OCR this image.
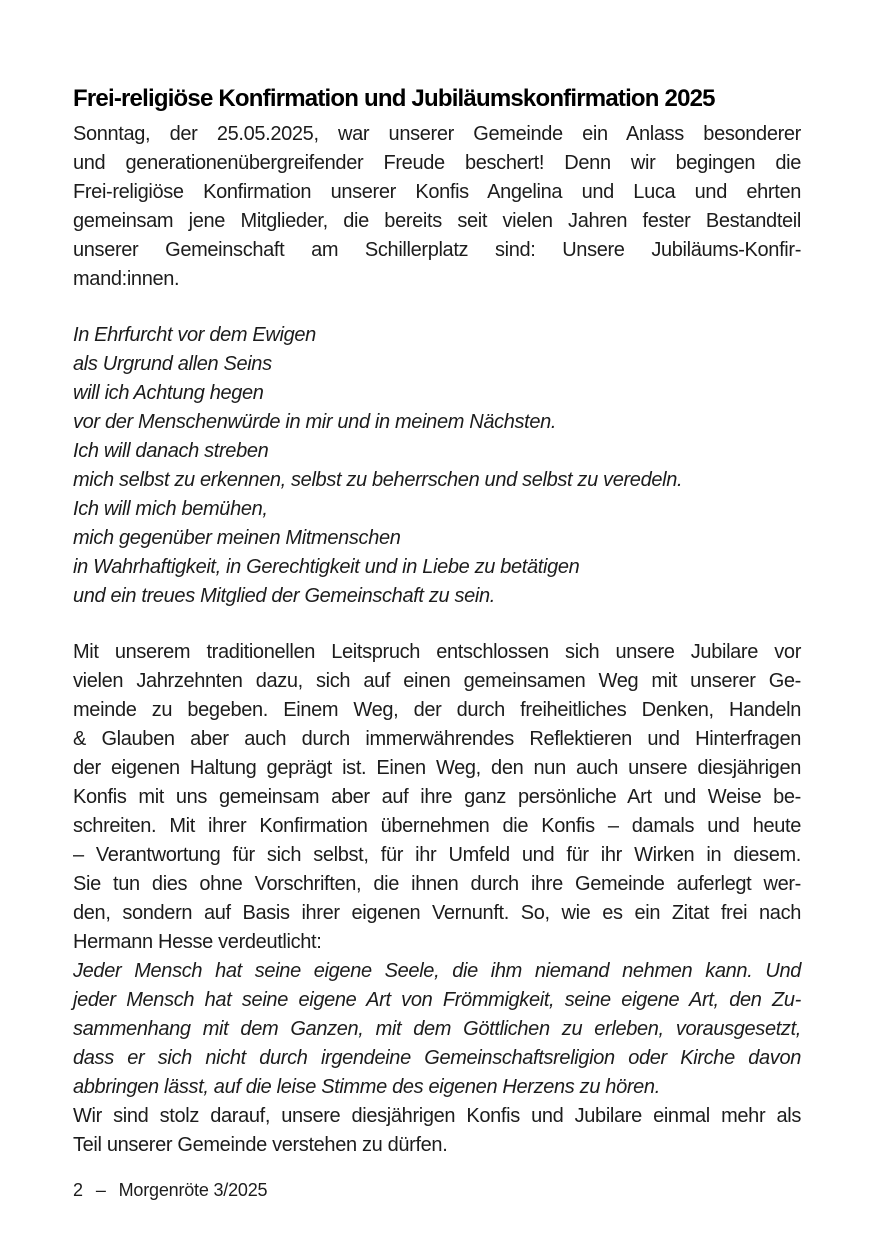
Frei-religiöse Konfirmation und Jubiläumskonfirmation 2025
Sonntag, der 25.05.2025, war unserer Gemeinde ein Anlass besonderer
und generationenübergreifender Freude beschert! Denn wir begingen die
Frei-religiöse Konfirmation unserer Konfis Angelina und Luca und ehrten
gemeinsam jene Mitglieder, die bereits seit vielen Jahren fester Bestandteil
unserer Gemeinschaft am Schillerplatz sind: Unsere Jubiläums-Konfir-
mand:innen.
In Ehrfurcht vor dem Ewigen
als Urgrund allen Seins
will ich Achtung hegen
vor der Menschenwürde in mir und in meinem Nächsten.
Ich will danach streben
mich selbst zu erkennen, selbst zu beherrschen und selbst zu veredeln.
Ich will mich bemühen,
mich gegenüber meinen Mitmenschen
in Wahrhaftigkeit, in Gerechtigkeit und in Liebe zu betätigen
und ein treues Mitglied der Gemeinschaft zu sein.
Mit unserem traditionellen Leitspruch entschlossen sich unsere Jubilare vor
vielen Jahrzehnten dazu, sich auf einen gemeinsamen Weg mit unserer Ge-
meinde zu begeben. Einem Weg, der durch freiheitliches Denken, Handeln
& Glauben aber auch durch immerwährendes Reflektieren und Hinterfragen
der eigenen Haltung geprägt ist. Einen Weg, den nun auch unsere diesjährigen
Konfis mit uns gemeinsam aber auf ihre ganz persönliche Art und Weise be-
schreiten. Mit ihrer Konfirmation übernehmen die Konfis – damals und heute
– Verantwortung für sich selbst, für ihr Umfeld und für ihr Wirken in diesem.
Sie tun dies ohne Vorschriften, die ihnen durch ihre Gemeinde auferlegt wer-
den, sondern auf Basis ihrer eigenen Vernunft. So, wie es ein Zitat frei nach
Hermann Hesse verdeutlicht:
Jeder Mensch hat seine eigene Seele, die ihm niemand nehmen kann. Und
jeder Mensch hat seine eigene Art von Frömmigkeit, seine eigene Art, den Zu-
sammenhang mit dem Ganzen, mit dem Göttlichen zu erleben, vorausgesetzt,
dass er sich nicht durch irgendeine Gemeinschaftsreligion oder Kirche davon
abbringen lässt, auf die leise Stimme des eigenen Herzens zu hören.
Wir sind stolz darauf, unsere diesjährigen Konfis und Jubilare einmal mehr als
Teil unserer Gemeinde verstehen zu dürfen.
2 – Morgenröte 3/2025
